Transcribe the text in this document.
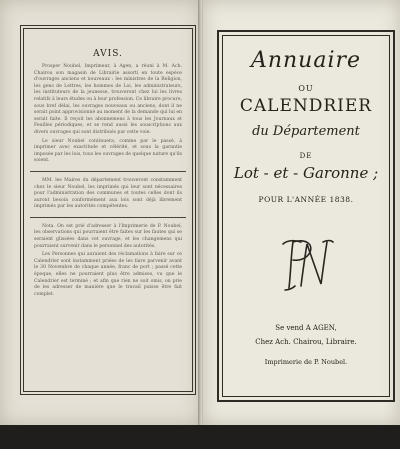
AVIS.

Prosper Noubel, Imprimeur, à Agen, a réuni à M. Ach. Chairou son magasin de Librairie assorti en toute espèce d'ouvrages anciens et nouveaux : les ministres de la Religion, les gens de Lettres, les hommes de Loi, les administrateurs, les instituteurs de la jeunesse, trouveront chez lui les livres relatifs à leurs études ou à leur profession. Ce libraire procure, sous bref délai, les ouvrages nouveaux ou anciens, dont il ne serait point approvisionné au moment de la demande qui lui en serait faite. Il reçoit les abonnemens à tous les Journaux et Feuilles périodiques, et se rend aussi les souscriptions aux divers ouvrages qui sont distribués par cette voie.

Le sieur Noubel continuera, comme par le passé, à imprimer avec exactitude et célérité, et sous la garantie imposée par les lois, tous les ouvrages de quelque nature qu'ils soient.

MM. les Maires du département trouveront constamment chez le sieur Noubel, les imprimés qui leur sont nécessaires pour l'administration des communes et toutes celles dont ils auront besoin conformément aux lois sont déjà librement imprimés par les autorités compétentes.

Nota. On est prié d'adresser à l'Imprimerie de P. Noubel, les observations qui pourraient être faites sur les fautes qui se seraient glissées dans cet ouvrage, et les changemens qui pourraient survenir dans le personnel des autorités.

Les Personnes qui auraient des réclamations à faire sur ce Calendrier sont instamment priées de les faire parvenir avant le 30 Novembre de chaque année, franc de port ; passé cette époque, elles ne pourraient plus être admises, vu que le Calendrier est terminé ; et afin que rien ne soit omis, on prie de les adresser de manière que le travail puisse être fait complet.

Annuaire
OU
CALENDRIER
du Département
DE
Lot - et - Garonne ;
POUR L'ANNÉE 1838.
Se vend A AGEN,
Chez Ach. Chairou, Libraire.
Imprimerie de P. Noubel.
